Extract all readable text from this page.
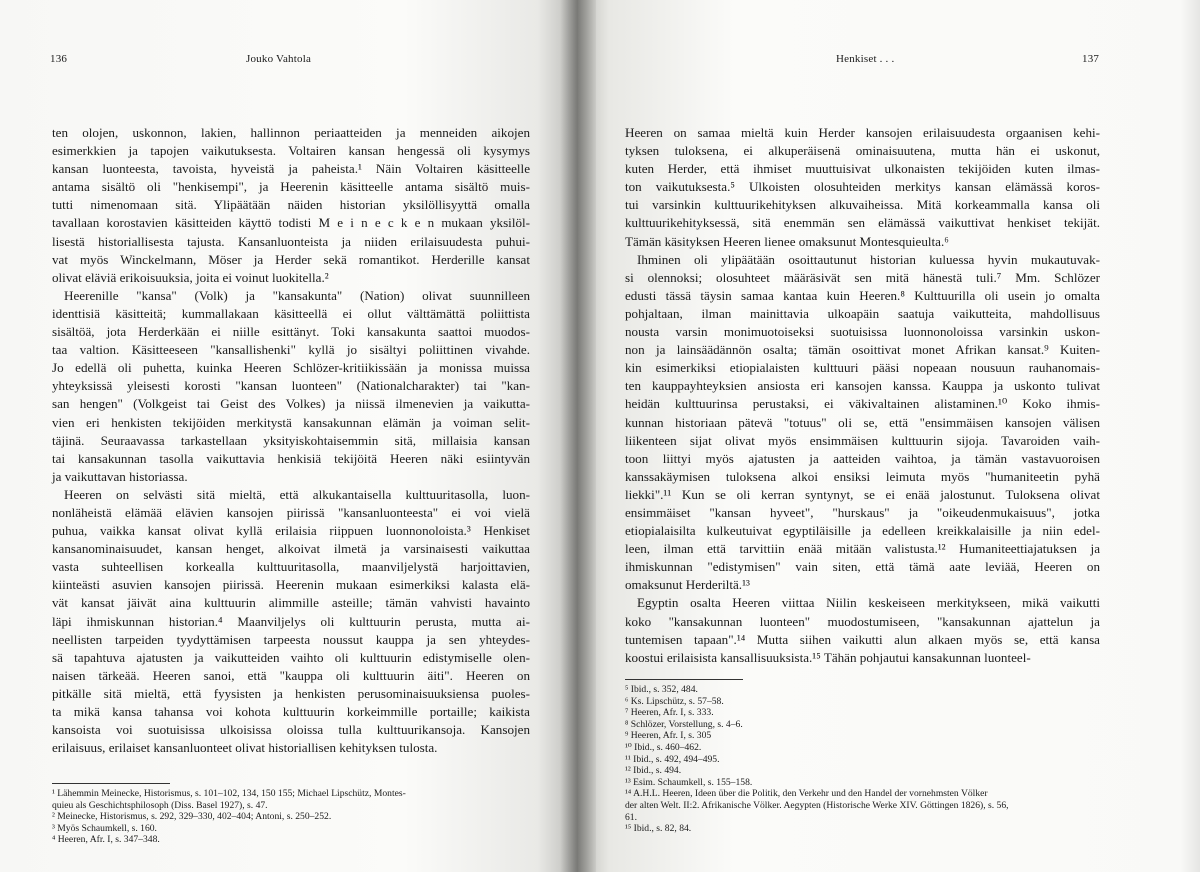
136	Jouko Vahtola
ten olojen, uskonnon, lakien, hallinnon periaatteiden ja menneiden aikojen
esimerkkien ja tapojen vaikutuksesta. Voltairen kansan hengessä oli kysymys
kansan luonteesta, tavoista, hyveistä ja paheista.¹ Näin Voltairen käsitteelle
antama sisältö oli "henkisempi", ja Heerenin käsitteelle antama sisältö muis-
tutti nimenomaan sitä. Ylipäätään näiden historian yksilöllisyyttä omalla
tavallaan korostavien käsitteiden käyttö todisti M e i n e c k e n mukaan yksilöl-
lisestä historiallisesta tajusta. Kansanluonteista ja niiden erilaisuudesta puhui-
vat myös Winckelmann, Möser ja Herder sekä romantikot. Herderille kansat
olivat eläviä erikoisuuksia, joita ei voinut luokitella.²
Heerenille "kansa" (Volk) ja "kansakunta" (Nation) olivat suunnilleen
identtisiä käsitteitä; kummallakaan käsitteellä ei ollut välttämättä poliittista
sisältöä, jota Herderkään ei niille esittänyt. Toki kansakunta saattoi muodos-
taa valtion. Käsitteeseen "kansallishenki" kyllä jo sisältyi poliittinen vivahde.
Jo edellä oli puhetta, kuinka Heeren Schlözer-kritiikissään ja monissa muissa
yhteyksissä yleisesti korosti "kansan luonteen" (Nationalcharakter) tai "kan-
san hengen" (Volkgeist tai Geist des Volkes) ja niissä ilmenevien ja vaikutta-
vien eri henkisten tekijöiden merkitystä kansakunnan elämän ja voiman selit-
täjinä. Seuraavassa tarkastellaan yksityiskohtaisemmin sitä, millaisia kansan
tai kansakunnan tasolla vaikuttavia henkisiä tekijöitä Heeren näki esiintyvän
ja vaikuttavan historiassa.
Heeren on selvästi sitä mieltä, että alkukantaisella kulttuuritasolla, luon-
nonläheistä elämää elävien kansojen piirissä "kansanluonteesta" ei voi vielä
puhua, vaikka kansat olivat kyllä erilaisia riippuen luonnonoloista.³ Henkiset
kansanominaisuudet, kansan henget, alkoivat ilmetä ja varsinaisesti vaikuttaa
vasta suhteellisen korkealla kulttuuritasolla, maanviljelystä harjoittavien,
kiinteästi asuvien kansojen piirissä. Heerenin mukaan esimerkiksi kalasta elä-
vät kansat jäivät aina kulttuurin alimmille asteille; tämän vahvisti havainto
läpi ihmiskunnan historian.⁴ Maanviljelys oli kulttuurin perusta, mutta ai-
neellisten tarpeiden tyydyttämisen tarpeesta noussut kauppa ja sen yhteydes-
sä tapahtuva ajatusten ja vaikutteiden vaihto oli kulttuurin edistymiselle olen-
naisen tärkeää. Heeren sanoi, että "kauppa oli kulttuurin äiti". Heeren on
pitkälle sitä mieltä, että fyysisten ja henkisten perusominaisuuksiensa puoles-
ta mikä kansa tahansa voi kohota kulttuurin korkeimmille portaille; kaikista
kansoista voi suotuisissa ulkoisissa oloissa tulla kulttuurikansoja. Kansojen
erilaisuus, erilaiset kansanluonteet olivat historiallisen kehityksen tulosta.
¹ Lähemmin Meinecke, Historismus, s. 101–102, 134, 150 155; Michael Lipschütz, Montes-
quieu als Geschichtsphilosoph (Diss. Basel 1927), s. 47.
² Meinecke, Historismus, s. 292, 329–330, 402–404; Antoni, s. 250–252.
³ Myös Schaumkell, s. 160.
⁴ Heeren, Afr. I, s. 347–348.
Henkiset . . .	137
Heeren on samaa mieltä kuin Herder kansojen erilaisuudesta orgaanisen kehi-
tyksen tuloksena, ei alkuperäisenä ominaisuutena, mutta hän ei uskonut,
kuten Herder, että ihmiset muuttuisivat ulkonaisten tekijöiden kuten ilmas-
ton vaikutuksesta.⁵ Ulkoisten olosuhteiden merkitys kansan elämässä koros-
tui varsinkin kulttuurikehityksen alkuvaiheissa. Mitä korkeammalla kansa oli
kulttuurikehityksessä, sitä enemmän sen elämässä vaikuttivat henkiset tekijät.
Tämän käsityksen Heeren lienee omaksunut Montesquieulta.⁶
Ihminen oli ylipäätään osoittautunut historian kuluessa hyvin mukautuvak-
si olennoksi; olosuhteet määräsivät sen mitä hänestä tuli.⁷ Mm. Schlözer
edusti tässä täysin samaa kantaa kuin Heeren.⁸ Kulttuurilla oli usein jo omalta
pohjaltaan, ilman mainittavia ulkoapäin saatuja vaikutteita, mahdollisuus
nousta varsin monimuotoiseksi suotuisissa luonnonoloissa varsinkin uskon-
non ja lainsäädännön osalta; tämän osoittivat monet Afrikan kansat.⁹ Kuiten-
kin esimerkiksi etiopialaisten kulttuuri pääsi nopeaan nousuun rauhanomais-
ten kauppayhteyksien ansiosta eri kansojen kanssa. Kauppa ja uskonto tulivat
heidän kulttuurinsa perustaksi, ei väkivaltainen alistaminen.¹⁰ Koko ihmis-
kunnan historiaan pätevä "totuus" oli se, että "ensimmäisen kansojen välisen
liikenteen sijat olivat myös ensimmäisen kulttuurin sijoja. Tavaroiden vaih-
toon liittyi myös ajatusten ja aatteiden vaihtoa, ja tämän vastavuoroisen
kanssakäymisen tuloksena alkoi ensiksi leimuta myös "humaniteetin pyhä
liekki".¹¹ Kun se oli kerran syntynyt, se ei enää jalostunut. Tuloksena olivat
ensimmäiset "kansan hyveet", "hurskaus" ja "oikeudenmukaisuus", jotka
etiopialaisilta kulkeutuivat egyptiläisille ja edelleen kreikkalaisille ja niin edel-
leen, ilman että tarvittiin enää mitään valistusta.¹² Humaniteettiajatuksen ja
ihmiskunnan "edistymisen" vain siten, että tämä aate leviää, Heeren on
omaksunut Herderiltä.¹³
Egyptin osalta Heeren viittaa Niilin keskeiseen merkitykseen, mikä vaikutti
koko "kansakunnan luonteen" muodostumiseen, "kansakunnan ajattelun ja
tuntemisen tapaan".¹⁴ Mutta siihen vaikutti alun alkaen myös se, että kansa
koostui erilaisista kansallisuuksista.¹⁵ Tähän pohjautui kansakunnan luonteel-
⁵ Ibid., s. 352, 484.
⁶ Ks. Lipschütz, s. 57–58.
⁷ Heeren, Afr. I, s. 333.
⁸ Schlözer, Vorstellung, s. 4–6.
⁹ Heeren, Afr. I, s. 305
¹⁰ Ibid., s. 460–462.
¹¹ Ibid., s. 492, 494–495.
¹² Ibid., s. 494.
¹³ Esim. Schaumkell, s. 155–158.
¹⁴ A.H.L. Heeren, Ideen über die Politik, den Verkehr und den Handel der vornehmsten Völker
der alten Welt. II:2. Afrikanische Völker. Aegypten (Historische Werke XIV. Göttingen 1826), s. 56,
61.
¹⁵ Ibid., s. 82, 84.
